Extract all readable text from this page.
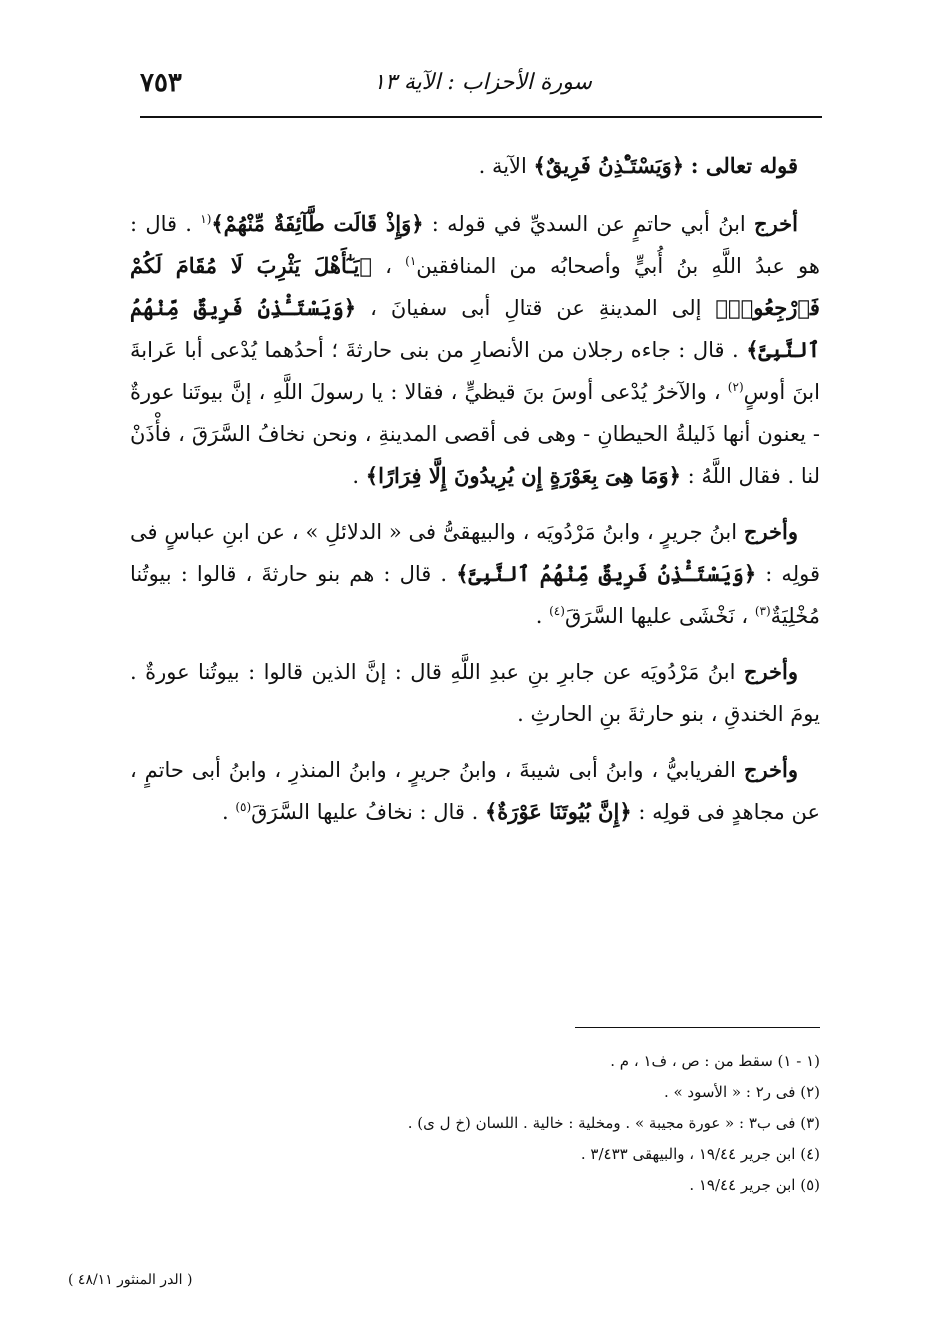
سورة الأحزاب : الآية ١٣
٧٥٣

قوله تعالى : ﴿وَيَسْتَـْٔذِنُ فَرِيقٌ﴾ الآية .

أخرج ابنُ أبي حاتمٍ عن السديِّ في قوله : ﴿وَإِذْ قَالَت طَّآئِفَةٌ مِّنْهُمْ﴾$^{(١}$ . قال : هو عبدُ اللَّهِ بنُ أُبيٍّ وأصحابُه من المنافقين$^{١)}$ ، ﴿يَـٰٓأَهْلَ يَثْرِبَ لَا مُقَامَ لَكُمْ فَٱرْجِعُوا۟﴾ إلى المدينةِ عن قتالِ أبى سفيانَ ، ﴿وَيَسْتَـْٔذِنُ فَرِيقٌ مِّنْهُمُ ٱلنَّبِىَّ﴾ . قال : جاءه رجلان من الأنصارِ من بنى حارثةَ ؛ أحدُهما يُدْعى أبا عَرابةَ ابنَ أوسٍ$^{(٢)}$ ، والآخرُ يُدْعى أوسَ بنَ قيظيٍّ ، فقالا : يا رسولَ اللَّهِ ، إنَّ بيوتَنا عورةٌ - يعنون أنها ذَليلةُ الحيطانِ - وهى فى أقصى المدينةِ ، ونحن نخافُ السَّرَقَ ، فأْذَنْ لنا . فقال اللَّهُ : ﴿وَمَا هِىَ بِعَوْرَةٍ إِن يُرِيدُونَ إِلَّا فِرَارًا﴾ .

وأخرج ابنُ جريرٍ ، وابنُ مَرْدُويَه ، والبيهقىُّ فى « الدلائلِ » ، عن ابنِ عباسٍ فى قولِه : ﴿وَيَسْتَـْٔذِنُ فَرِيقٌ مِّنْهُمُ ٱلنَّبِىَّ﴾ . قال : هم بنو حارثةَ ، قالوا : بيوتُنا مُخْلِيَةٌ$^{(٣)}$ ، نَخْشَى عليها السَّرَقَ$^{(٤)}$ .

وأخرج ابنُ مَرْدُويَه عن جابرِ بنِ عبدِ اللَّهِ قال : إنَّ الذين قالوا : بيوتُنا عورةٌ . يومَ الخندقِ ، بنو حارثةَ بنِ الحارثِ .

وأخرج الفريابيُّ ، وابنُ أبى شيبةَ ، وابنُ جريرٍ ، وابنُ المنذرِ ، وابنُ أبى حاتمٍ ، عن مجاهدٍ فى قولِه : ﴿إِنَّ بُيُوتَنَا عَوْرَةٌ﴾ . قال : نخافُ عليها السَّرَقَ$^{(٥)}$ .

(١ - ١) سقط من : ص ، ف١ ، م .

(٢) فى ر٢ : « الأسود » .

(٣) فى ب٣ : « عورة مجيبة » . ومخلية : خالية . اللسان (خ ل ى) .

(٤) ابن جرير ١٩/٤٤ ، والبيهقى ٣/٤٣٣ .

(٥) ابن جرير ١٩/٤٤ .

( الدر المنثور ٤٨/١١ )
